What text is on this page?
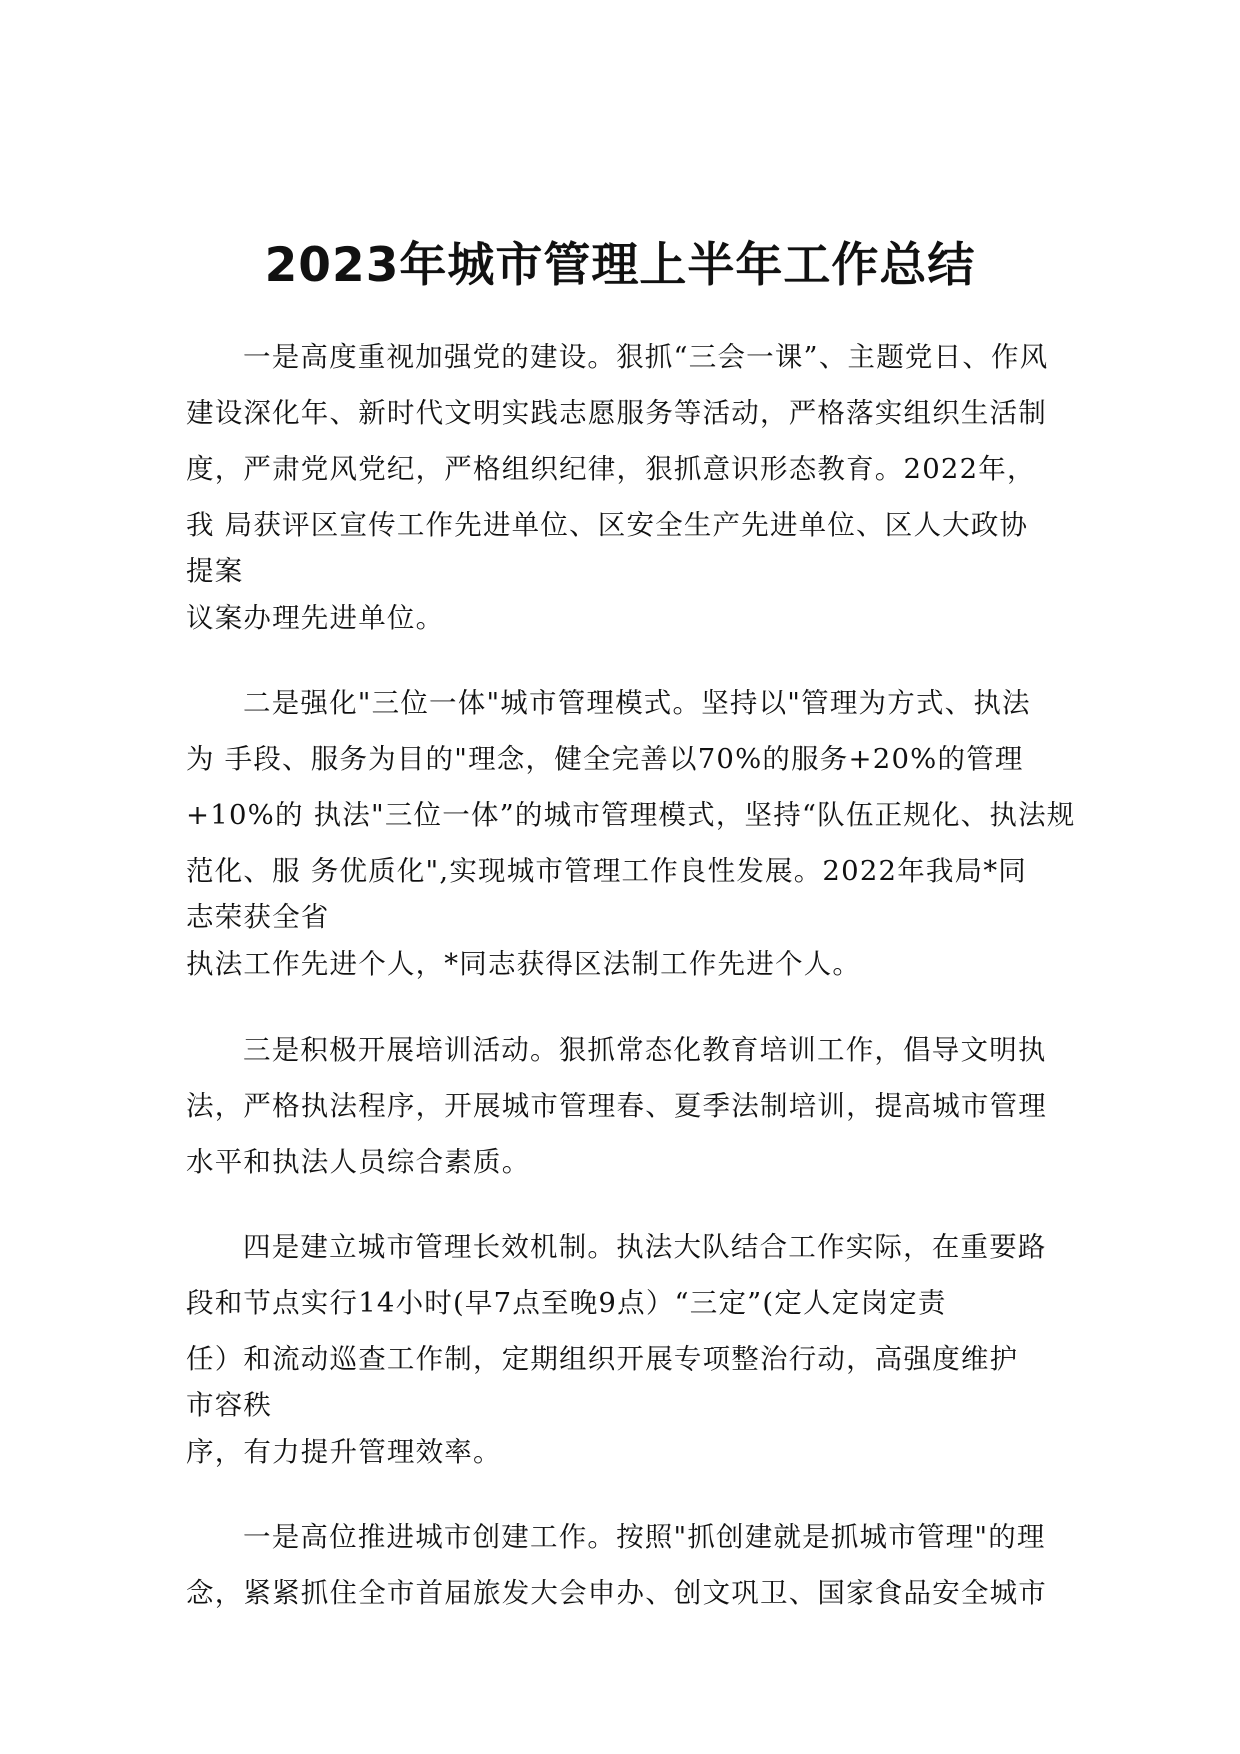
2023年城市管理上半年工作总结
一是高度重视加强党的建设。狠抓“三会一课”、主题党日、作风
建设深化年、新时代文明实践志愿服务等活动，严格落实组织生活制
度，严肃党风党纪，严格组织纪律，狠抓意识形态教育。2022年，
我 局获评区宣传工作先进单位、区安全生产先进单位、区人大政协
提案
议案办理先进单位。
二是强化"三位一体"城市管理模式。坚持以"管理为方式、执法
为 手段、服务为目的"理念，健全完善以70%的服务+20%的管理
+10%的 执法"三位一体”的城市管理模式，坚持“队伍正规化、执法规
范化、服 务优质化",实现城市管理工作良性发展。2022年我局*同
志荣获全省
执法工作先进个人，*同志获得区法制工作先进个人。
三是积极开展培训活动。狠抓常态化教育培训工作，倡导文明执
法，严格执法程序，开展城市管理春、夏季法制培训，提高城市管理
水平和执法人员综合素质。
四是建立城市管理长效机制。执法大队结合工作实际，在重要路
段和节点实行14小时(早7点至晚9点）“三定”(定人定岗定责
任）和流动巡查工作制，定期组织开展专项整治行动，高强度维护
市容秩
序，有力提升管理效率。
一是高位推进城市创建工作。按照"抓创建就是抓城市管理"的理
念，紧紧抓住全市首届旅发大会申办、创文巩卫、国家食品安全城市
